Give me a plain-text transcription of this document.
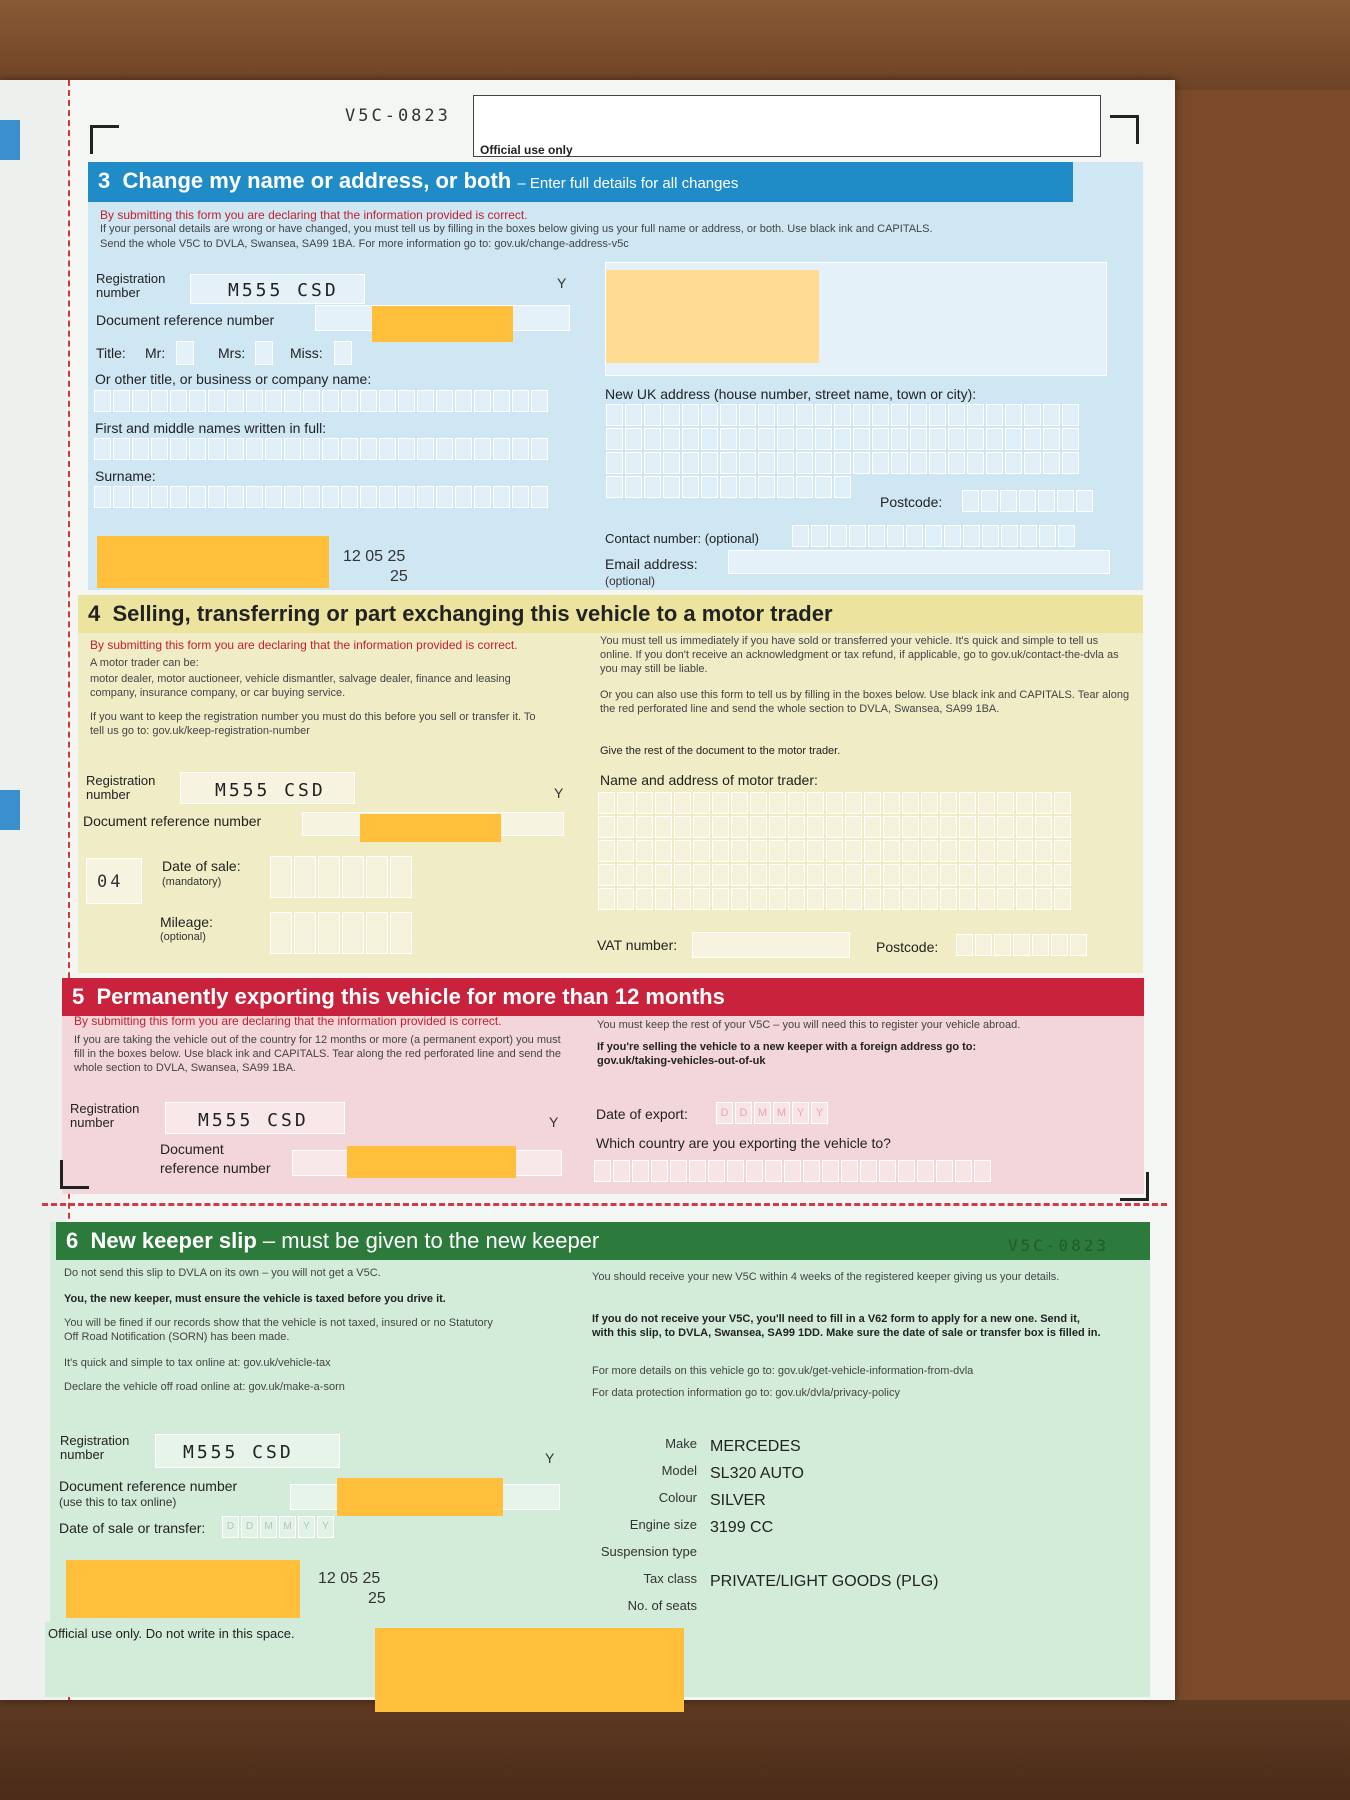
V5C-0823
Official use only
3 Change my name or address, or both – Enter full details for all changes
By submitting this form you are declaring that the information provided is correct.
If your personal details are wrong or have changed, you must tell us by filling in the boxes below giving us your full name or address, or both. Use black ink and CAPITALS.
Send the whole V5C to DVLA, Swansea, SA99 1BA. For more information go to: gov.uk/change-address-v5c
Registration number	M555 CSD	Y
Document reference number
Title: Mr:	Mrs:	Miss:
Or other title, or business or company name:
First and middle names written in full:
Surname:
New UK address (house number, street name, town or city):
Postcode:
Contact number: (optional)
Email address:
(optional)
12 05 25
25
4 Selling, transferring or part exchanging this vehicle to a motor trader
By submitting this form you are declaring that the information provided is correct.
A motor trader can be:
motor dealer, motor auctioneer, vehicle dismantler, salvage dealer, finance and leasing company, insurance company, or car buying service.
If you want to keep the registration number you must do this before you sell or transfer it. To tell us go to: gov.uk/keep-registration-number
You must tell us immediately if you have sold or transferred your vehicle. It's quick and simple to tell us online. If you don't receive an acknowledgment or tax refund, if applicable, go to gov.uk/contact-the-dvla as you may still be liable.
Or you can also use this form to tell us by filling in the boxes below. Use black ink and CAPITALS. Tear along the red perforated line and send the whole section to DVLA, Swansea, SA99 1BA.
Give the rest of the document to the motor trader.
Registration number	M555 CSD	Y
Document reference number
04
Date of sale:
(mandatory)
Mileage:
(optional)
Name and address of motor trader:
VAT number:	Postcode:
5 Permanently exporting this vehicle for more than 12 months
By submitting this form you are declaring that the information provided is correct.
If you are taking the vehicle out of the country for 12 months or more (a permanent export) you must fill in the boxes below. Use black ink and CAPITALS. Tear along the red perforated line and send the whole section to DVLA, Swansea, SA99 1BA.
You must keep the rest of your V5C – you will need this to register your vehicle abroad.
If you're selling the vehicle to a new keeper with a foreign address go to:
gov.uk/taking-vehicles-out-of-uk
Registration number	M555 CSD	Y
Document
reference number
Date of export:	D	D M M Y	Y
Which country are you exporting the vehicle to?
6 New keeper slip – must be given to the new keeper	V5C-0823
Do not send this slip to DVLA on its own – you will not get a V5C.
You, the new keeper, must ensure the vehicle is taxed before you drive it.
You will be fined if our records show that the vehicle is not taxed, insured or no Statutory Off Road Notification (SORN) has been made.
It's quick and simple to tax online at: gov.uk/vehicle-tax
Declare the vehicle off road online at: gov.uk/make-a-sorn
You should receive your new V5C within 4 weeks of the registered keeper giving us your details.
If you do not receive your V5C, you'll need to fill in a V62 form to apply for a new one. Send it, with this slip, to DVLA, Swansea, SA99 1DD. Make sure the date of sale or transfer box is filled in.
For more details on this vehicle go to: gov.uk/get-vehicle-information-from-dvla
For data protection information go to: gov.uk/dvla/privacy-policy
Registration number	M555 CSD	Y
Document reference number
(use this to tax online)
Date of sale or transfer:	D	D	M	M	Y	Y
12 05 25
25
Official use only. Do not write in this space.
Make MERCEDES
Model SL320 AUTO
Colour SILVER
Engine size 3199 CC
Suspension type
Tax class PRIVATE/LIGHT GOODS (PLG)
No. of seats
